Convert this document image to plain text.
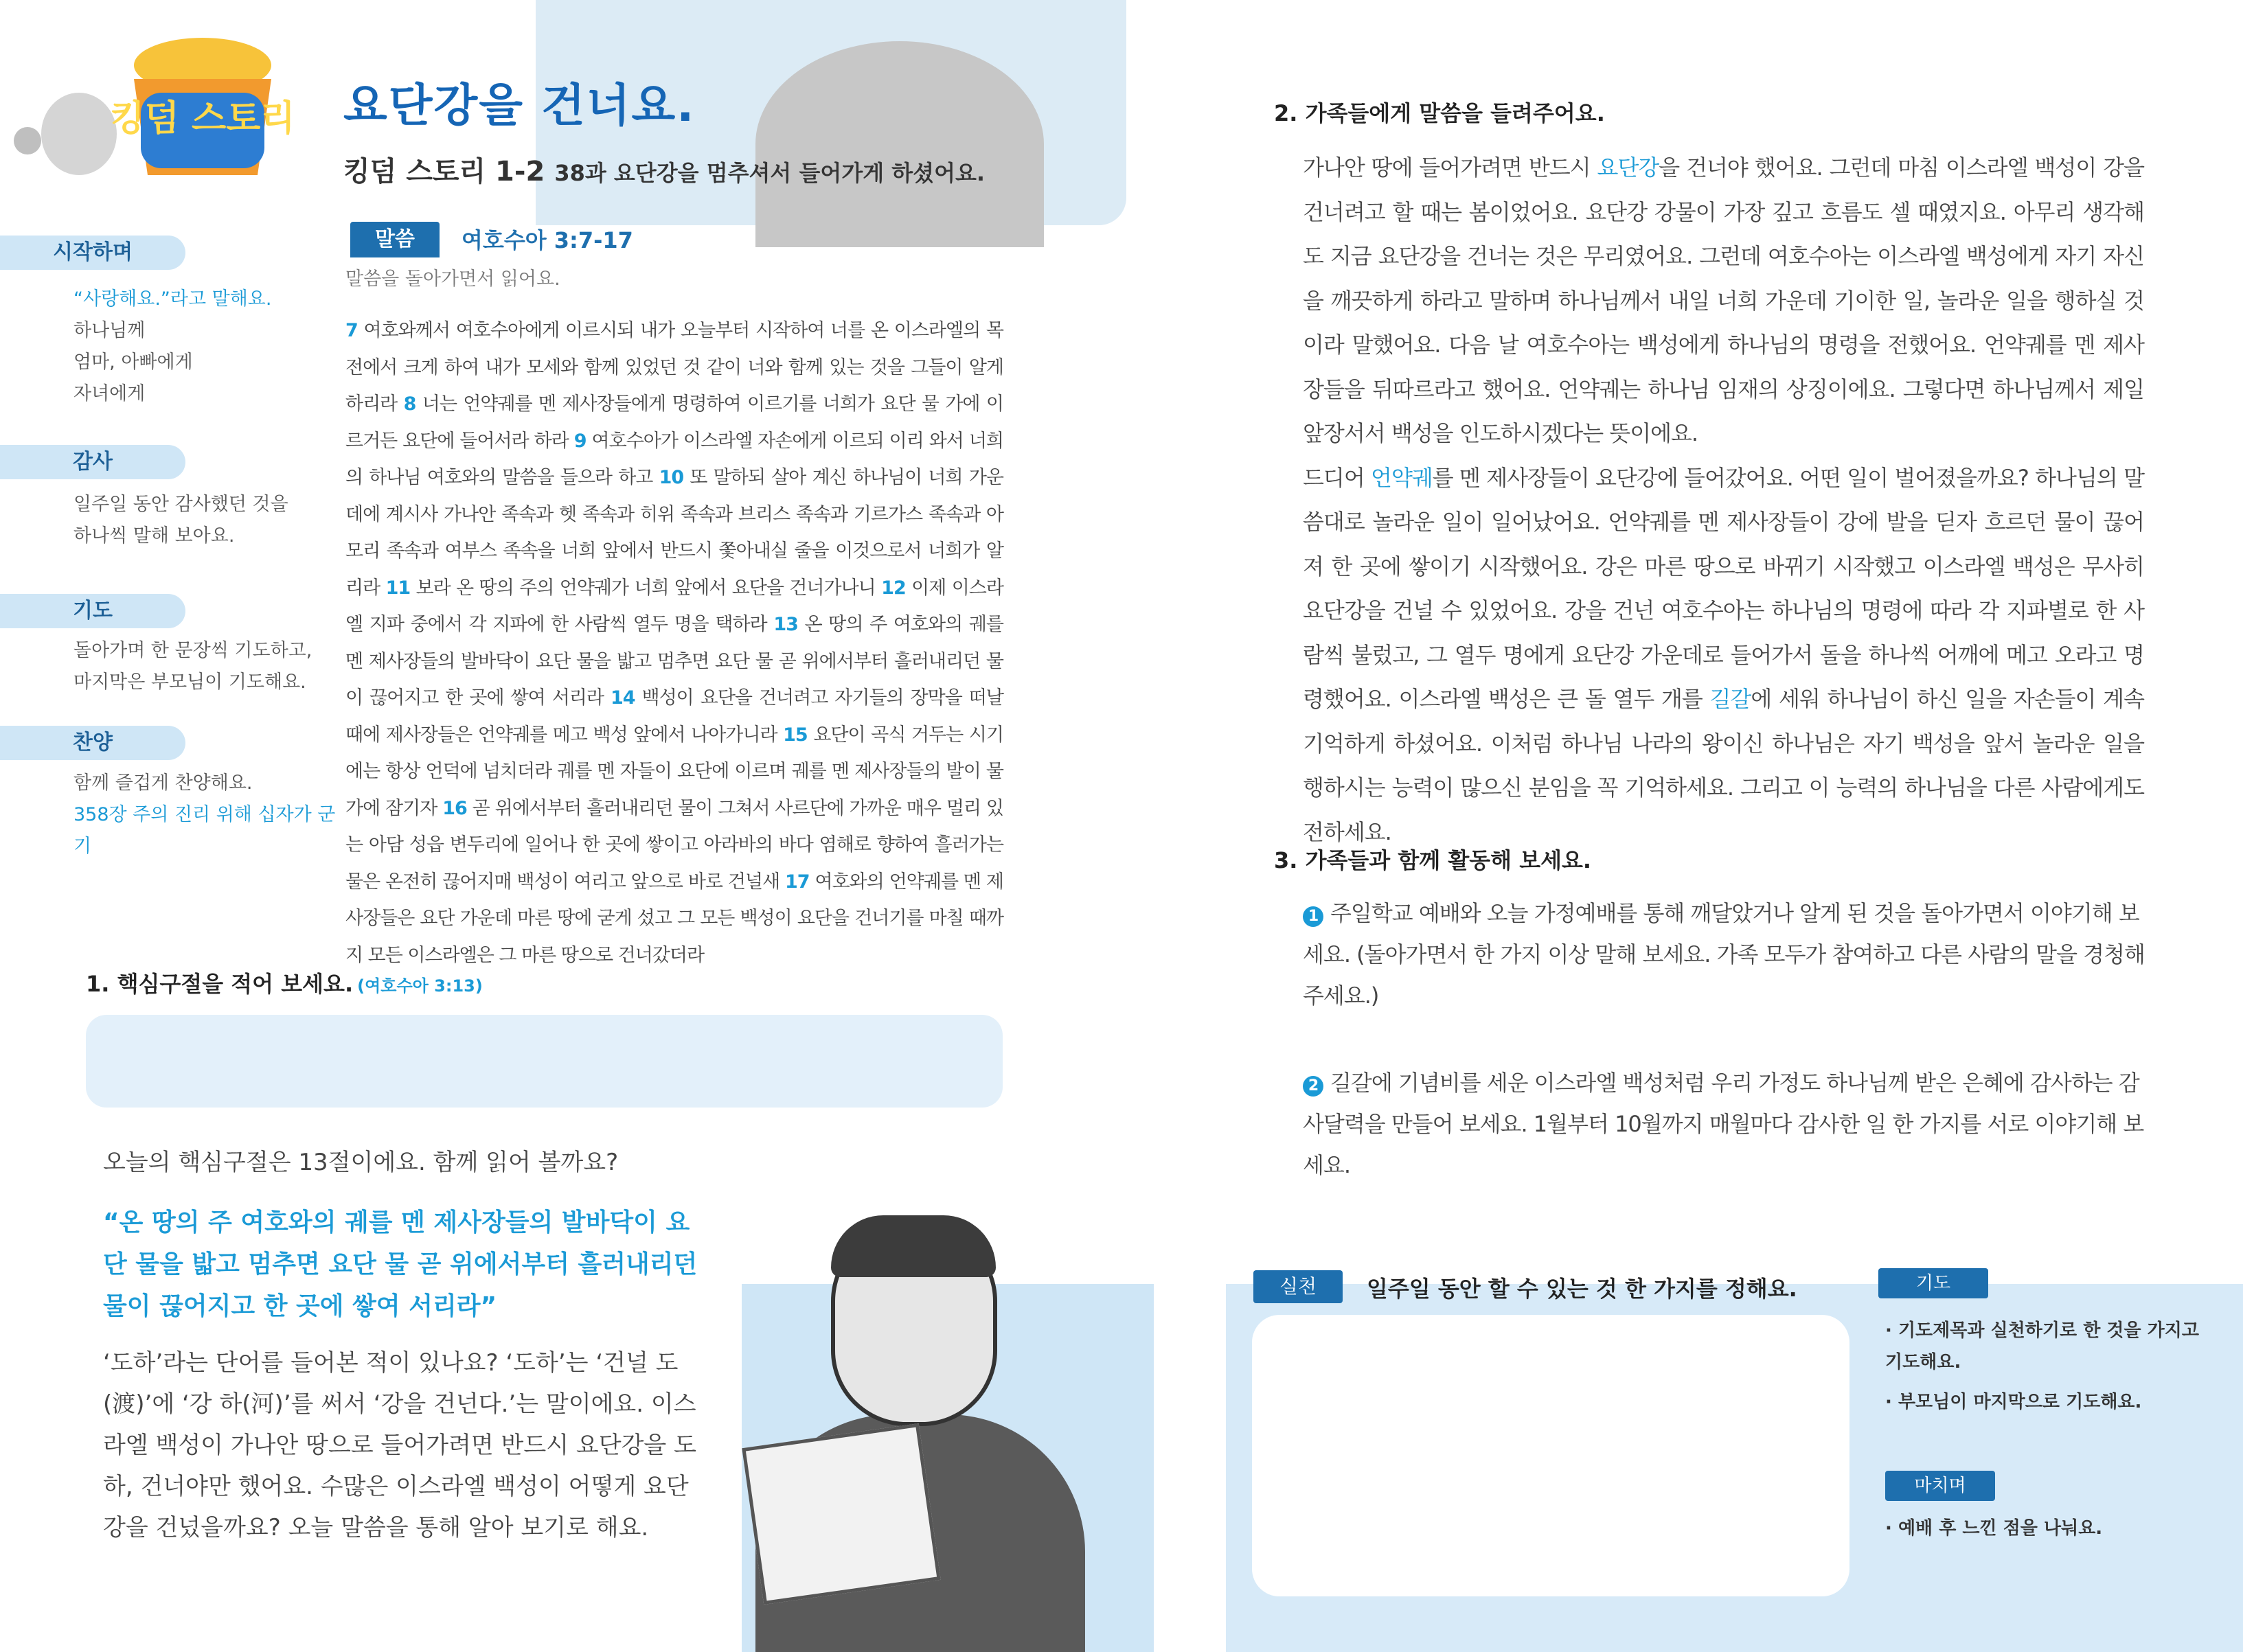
킹덤 스토리 요단강을 건너요.
킹덤 스토리 1-2 38과 요단강을 멈추셔서 들어가게 하셨어요.
시작하며
“사랑해요.”라고 말해요.
하나님께
엄마, 아빠에게
자녀에게
감사
일주일 동안 감사했던 것을
하나씩 말해 보아요.
기도
돌아가며 한 문장씩 기도하고,
마지막은 부모님이 기도해요.
찬양
함께 즐겁게 찬양해요.
358장 주의 진리 위해 십자가 군기
말씀	여호수아 3:7-17
말씀을 돌아가면서 읽어요.
7 여호와께서 여호수아에게 이르시되 내가 오늘부터 시작하여 너를 온 이스라엘의 목전에서 크게 하여 내가 모세와 함께 있었던 것 같이 너와 함께 있는 것을 그들이 알게 하리라 8 너는 언약궤를 멘 제사장들에게 명령하여 이르기를 너희가 요단 물 가에 이르거든 요단에 들어서라 하라 9 여호수아가 이스라엘 자손에게 이르되 이리 와서 너희의 하나님 여호와의 말씀을 들으라 하고 10 또 말하되 살아 계신 하나님이 너희 가운데에 계시사 가나안 족속과 헷 족속과 히위 족속과 브리스 족속과 기르가스 족속과 아모리 족속과 여부스 족속을 너희 앞에서 반드시 쫓아내실 줄을 이것으로서 너희가 알리라 11 보라 온 땅의 주의 언약궤가 너희 앞에서 요단을 건너가나니 12 이제 이스라엘 지파 중에서 각 지파에 한 사람씩 열두 명을 택하라 13 온 땅의 주 여호와의 궤를 멘 제사장들의 발바닥이 요단 물을 밟고 멈추면 요단 물 곧 위에서부터 흘러내리던 물이 끊어지고 한 곳에 쌓여 서리라 14 백성이 요단을 건너려고 자기들의 장막을 떠날 때에 제사장들은 언약궤를 메고 백성 앞에서 나아가니라 15 요단이 곡식 거두는 시기에는 항상 언덕에 넘치더라 궤를 멘 자들이 요단에 이르며 궤를 멘 제사장들의 발이 물 가에 잠기자 16 곧 위에서부터 흘러내리던 물이 그쳐서 사르단에 가까운 매우 멀리 있는 아담 성읍 변두리에 일어나 한 곳에 쌓이고 아라바의 바다 염해로 향하여 흘러가는 물은 온전히 끊어지매 백성이 여리고 앞으로 바로 건널새 17 여호와의 언약궤를 멘 제사장들은 요단 가운데 마른 땅에 굳게 섰고 그 모든 백성이 요단을 건너기를 마칠 때까지 모든 이스라엘은 그 마른 땅으로 건너갔더라
1. 핵심구절을 적어 보세요. (여호수아 3:13)
오늘의 핵심구절은 13절이에요. 함께 읽어 볼까요?
“온 땅의 주 여호와의 궤를 멘 제사장들의 발바닥이 요단 물을 밟고 멈추면 요단 물 곧 위에서부터 흘러내리던 물이 끊어지고 한 곳에 쌓여 서리라”
‘도하’라는 단어를 들어본 적이 있나요? ‘도하’는 ‘건널 도(渡)’에 ‘강 하(河)’를 써서 ‘강을 건넌다.’는 말이에요. 이스라엘 백성이 가나안 땅으로 들어가려면 반드시 요단강을 도하, 건너야만 했어요. 수많은 이스라엘 백성이 어떻게 요단강을 건넜을까요? 오늘 말씀을 통해 알아 보기로 해요.
2. 가족들에게 말씀을 들려주어요.
가나안 땅에 들어가려면 반드시 요단강을 건너야 했어요. 그런데 마침 이스라엘 백성이 강을 건너려고 할 때는 봄이었어요. 요단강 강물이 가장 깊고 흐름도 셀 때였지요. 아무리 생각해도 지금 요단강을 건너는 것은 무리였어요. 그런데 여호수아는 이스라엘 백성에게 자기 자신을 깨끗하게 하라고 말하며 하나님께서 내일 너희 가운데 기이한 일, 놀라운 일을 행하실 것이라 말했어요. 다음 날 여호수아는 백성에게 하나님의 명령을 전했어요. 언약궤를 멘 제사장들을 뒤따르라고 했어요. 언약궤는 하나님 임재의 상징이에요. 그렇다면 하나님께서 제일 앞장서서 백성을 인도하시겠다는 뜻이에요.
드디어 언약궤를 멘 제사장들이 요단강에 들어갔어요. 어떤 일이 벌어졌을까요? 하나님의 말씀대로 놀라운 일이 일어났어요. 언약궤를 멘 제사장들이 강에 발을 딛자 흐르던 물이 끊어져 한 곳에 쌓이기 시작했어요. 강은 마른 땅으로 바뀌기 시작했고 이스라엘 백성은 무사히 요단강을 건널 수 있었어요. 강을 건넌 여호수아는 하나님의 명령에 따라 각 지파별로 한 사람씩 불렀고, 그 열두 명에게 요단강 가운데로 들어가서 돌을 하나씩 어깨에 메고 오라고 명령했어요. 이스라엘 백성은 큰 돌 열두 개를 길갈에 세워 하나님이 하신 일을 자손들이 계속 기억하게 하셨어요. 이처럼 하나님 나라의 왕이신 하나님은 자기 백성을 앞서 놀라운 일을 행하시는 능력이 많으신 분임을 꼭 기억하세요. 그리고 이 능력의 하나님을 다른 사람에게도 전하세요.
3. 가족들과 함께 활동해 보세요.
1 주일학교 예배와 오늘 가정예배를 통해 깨달았거나 알게 된 것을 돌아가면서 이야기해 보세요. (돌아가면서 한 가지 이상 말해 보세요. 가족 모두가 참여하고 다른 사람의 말을 경청해 주세요.)
2 길갈에 기념비를 세운 이스라엘 백성처럼 우리 가정도 하나님께 받은 은혜에 감사하는 감사달력을 만들어 보세요. 1월부터 10월까지 매월마다 감사한 일 한 가지를 서로 이야기해 보세요.
실천	일주일 동안 할 수 있는 것 한 가지를 정해요.	기도
· 기도제목과 실천하기로 한 것을 가지고 기도해요.
· 부모님이 마지막으로 기도해요.
마치며
· 예배 후 느낀 점을 나눠요.
